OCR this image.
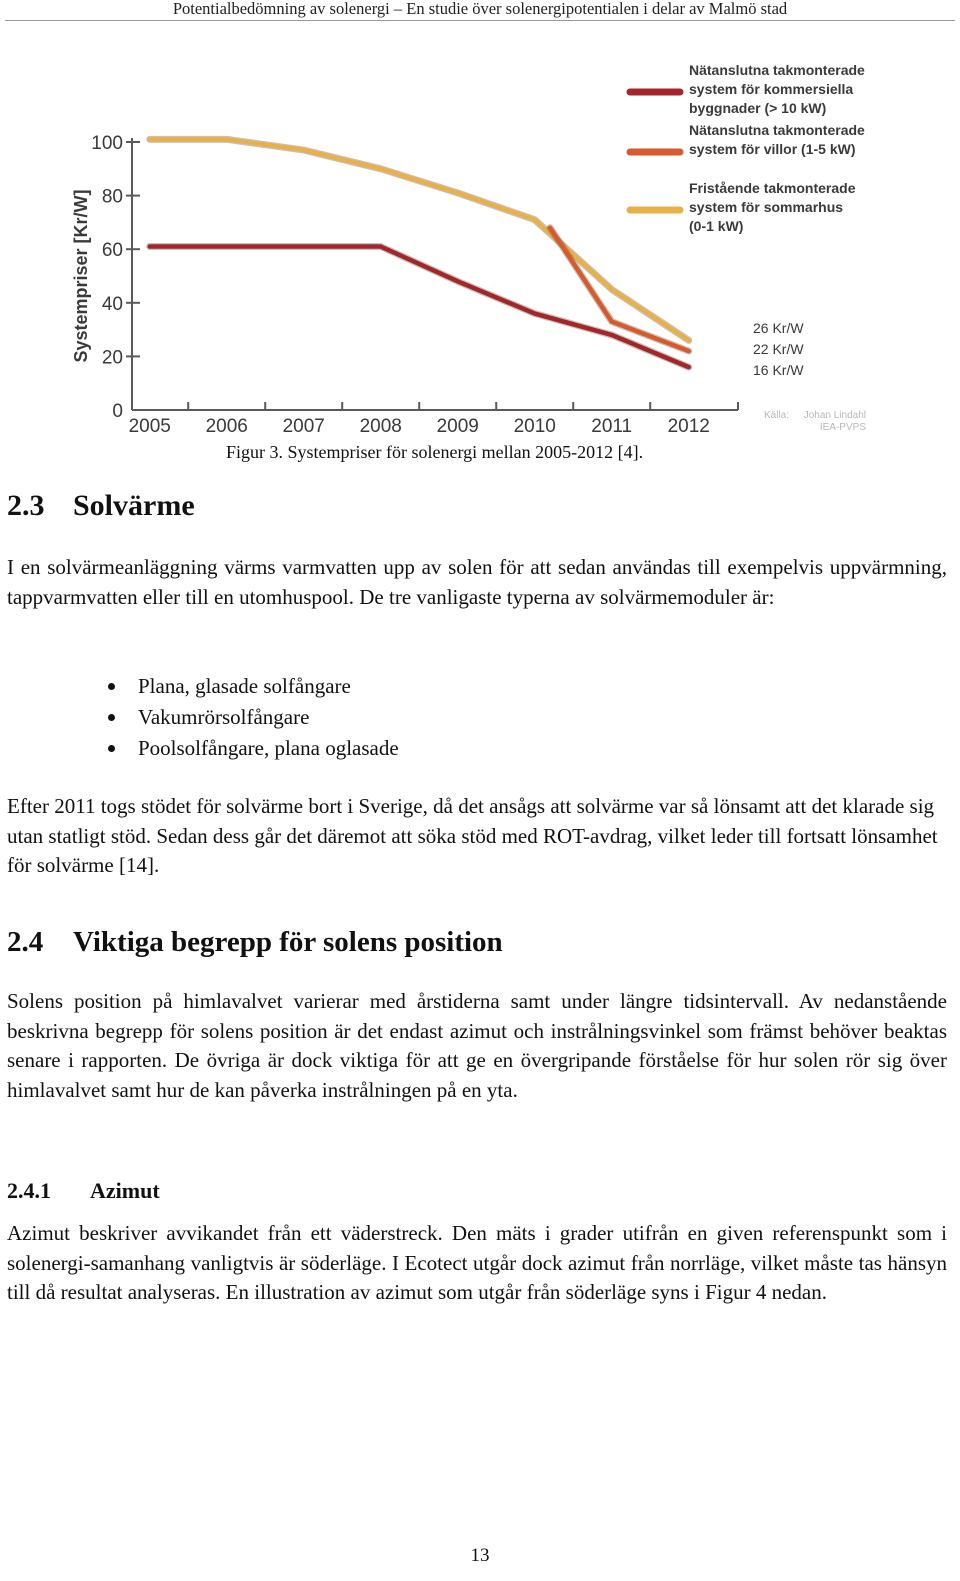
Potentialbedömning av solenergi – En studie över solenergipotentialen i delar av Malmö stad
0
20
40
60
80
100
2005 2006 2007 2008 2009 2010 2011 2012
16 Kr/W
22 Kr/W
26 Kr/W
Nätanslutna takmonterade
system för kommersiella
byggnader (> 10 kW)
Nätanslutna takmonterade
system för villor (1-5 kW)
Fristående takmonterade
system för sommarhus
(0-1 kW)
Systempriser [Kr/W]
Källa: Johan Lindahl
IEA-PVPS
Figur 3. Systempriser för solenergi mellan 2005-2012 [4].
2.3 Solvärme

I en solvärmeanläggning värms varmvatten upp av solen för att sedan användas till exempelvis uppvärmning, tappvarmvatten eller till en utomhuspool. De tre vanligaste typerna av solvärmemoduler är:

Plana, glasade solfångare
Vakumrörsolfångare
Poolsolfångare, plana oglasade

Efter 2011 togs stödet för solvärme bort i Sverige, då det ansågs att solvärme var så lönsamt att det klarade sig utan statligt stöd. Sedan dess går det däremot att söka stöd med ROT-avdrag, vilket leder till fortsatt lönsamhet för solvärme [14].

2.4 Viktiga begrepp för solens position

Solens position på himlavalvet varierar med årstiderna samt under längre tidsintervall. Av nedanstående beskrivna begrepp för solens position är det endast azimut och instrålningsvinkel som främst behöver beaktas senare i rapporten. De övriga är dock viktiga för att ge en övergripande förståelse för hur solen rör sig över himlavalvet samt hur de kan påverka instrålningen på en yta.

2.4.1 Azimut

Azimut beskriver avvikandet från ett väderstreck. Den mäts i grader utifrån en given referenspunkt som i solenergi-samanhang vanligtvis är söderläge. I Ecotect utgår dock azimut från norrläge, vilket måste tas hänsyn till då resultat analyseras. En illustration av azimut som utgår från söderläge syns i Figur 4 nedan.

13
